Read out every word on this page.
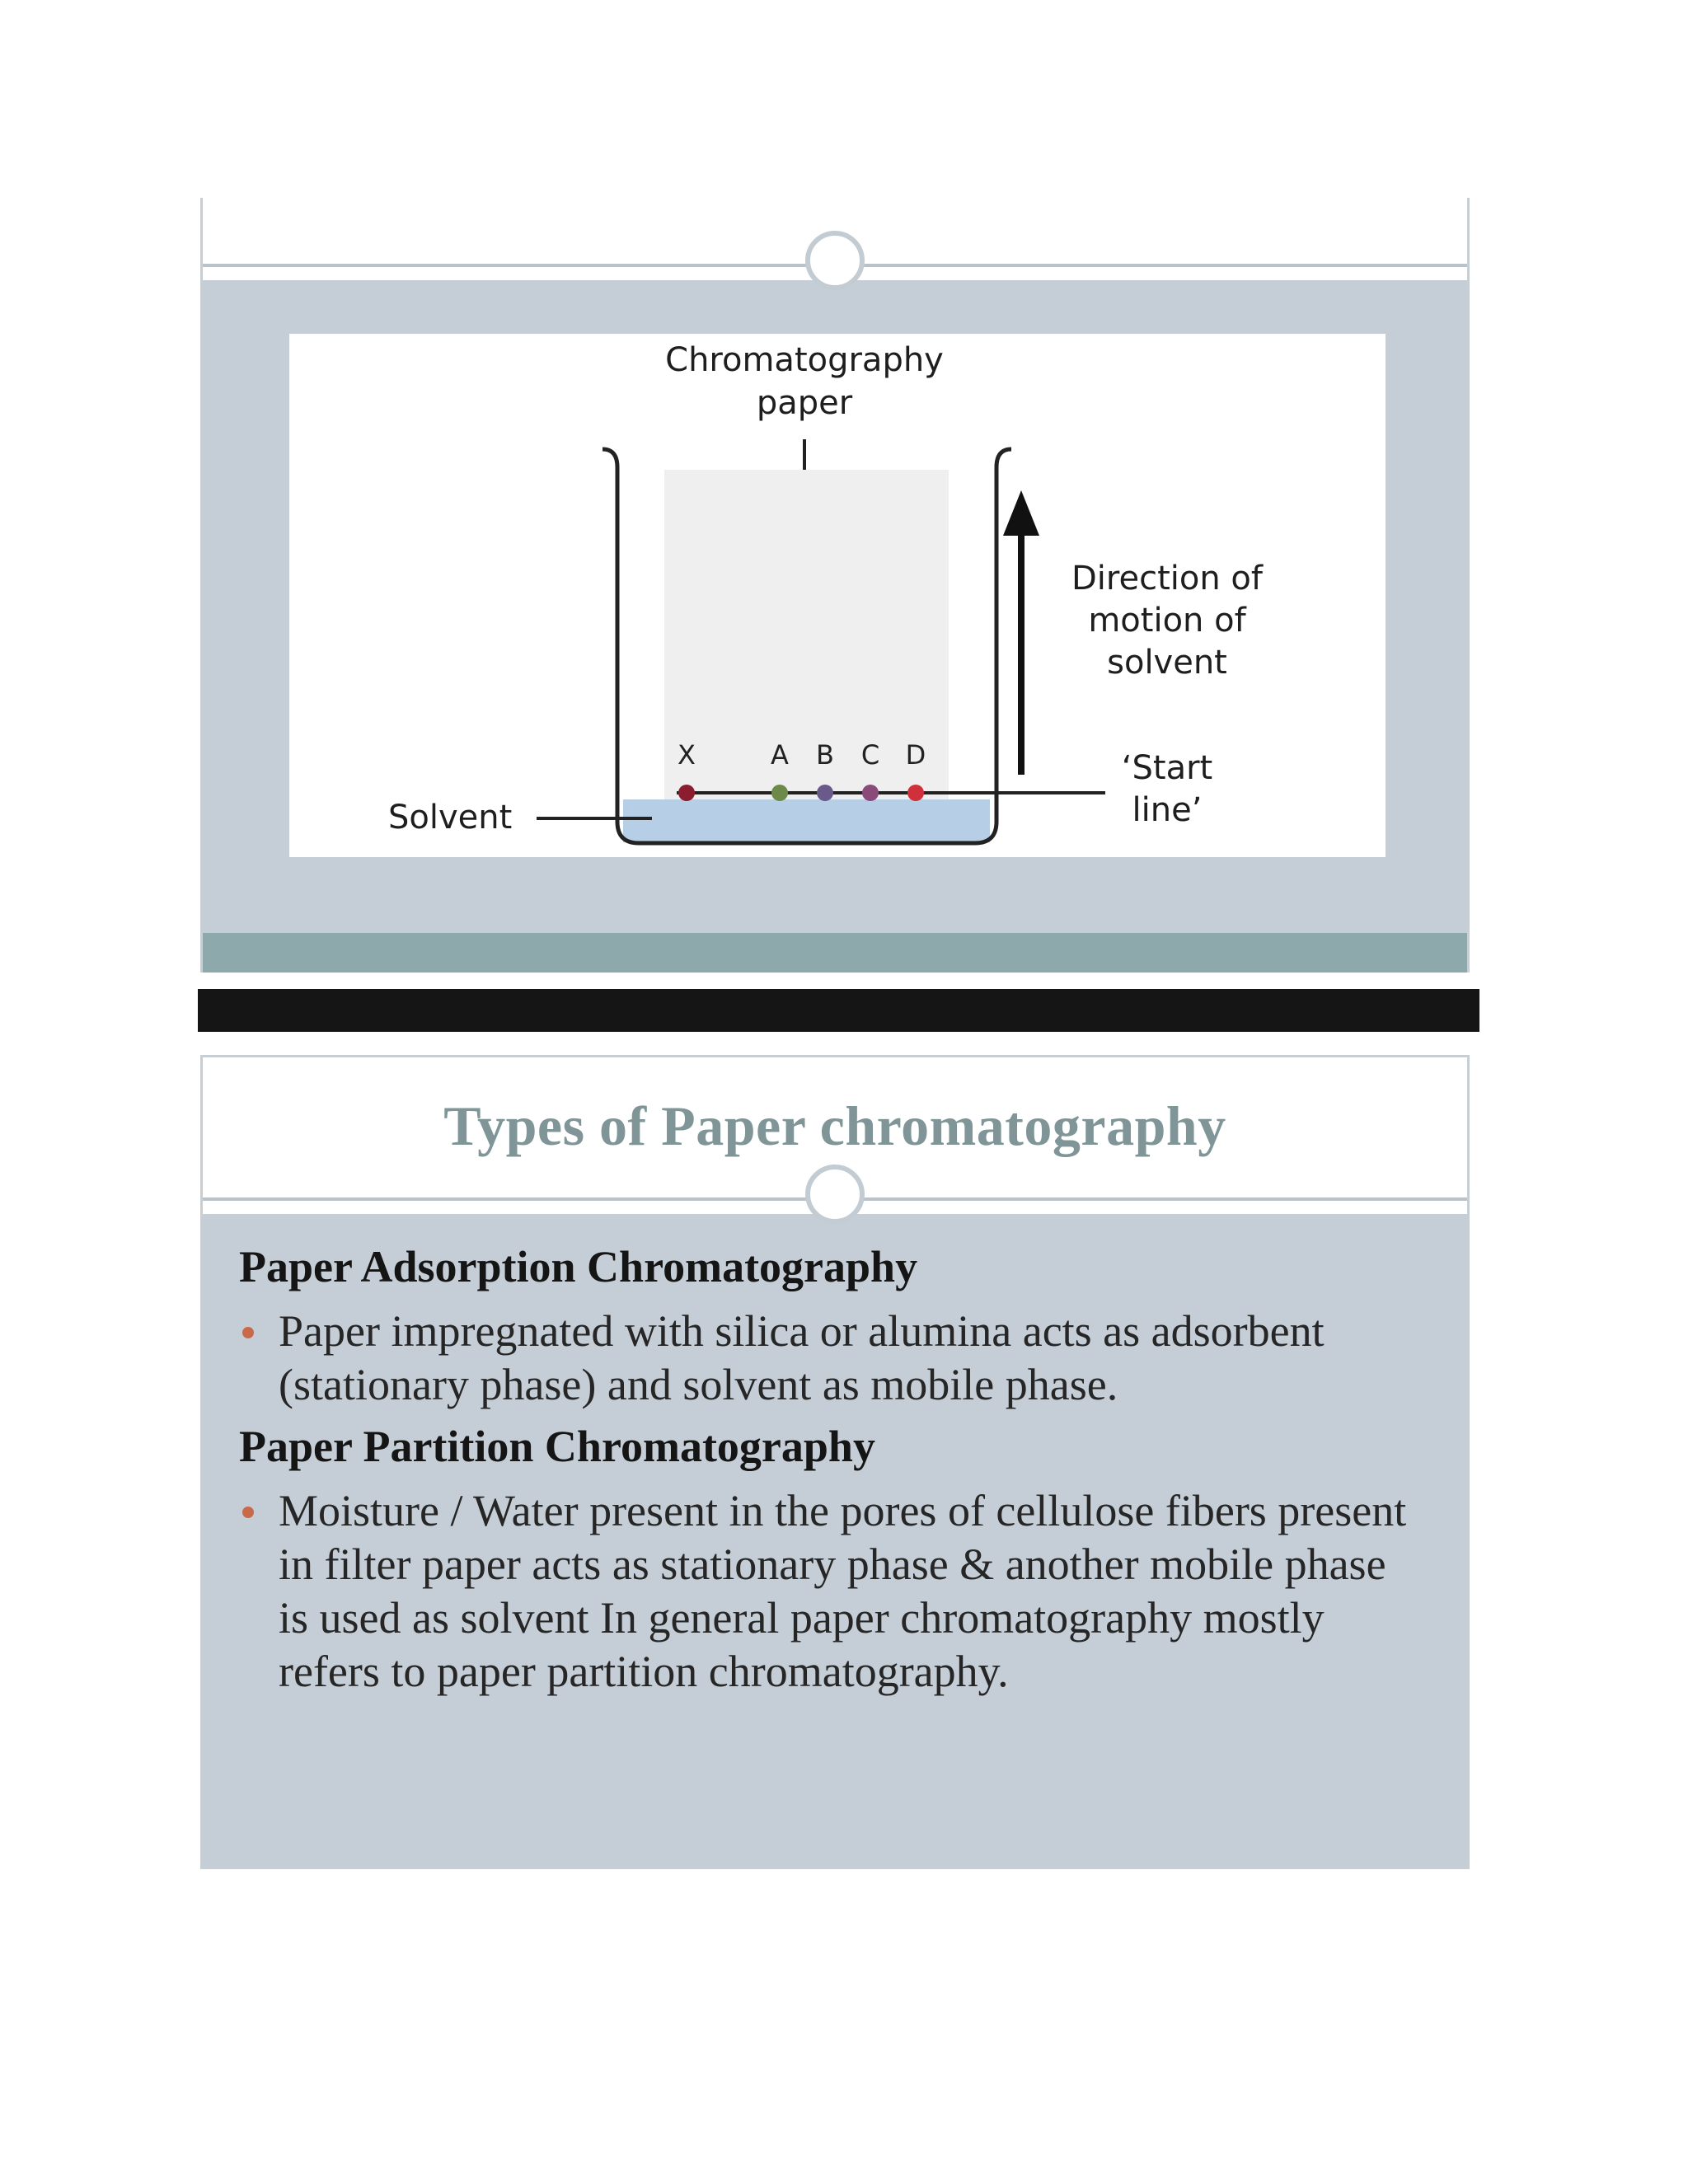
Chromatography
paper
X	A B C D
Direction of
motion of
solvent
‘Start
line’
Solvent
Types of Paper chromatography

Paper Adsorption Chromatography

Paper impregnated with silica or alumina acts as adsorbent (stationary phase) and solvent as mobile phase.

Paper Partition Chromatography

Moisture / Water present in the pores of cellulose fibers present in filter paper acts as stationary phase & another mobile phase is used as solvent In general paper chromatography mostly refers to paper partition chromatography.
